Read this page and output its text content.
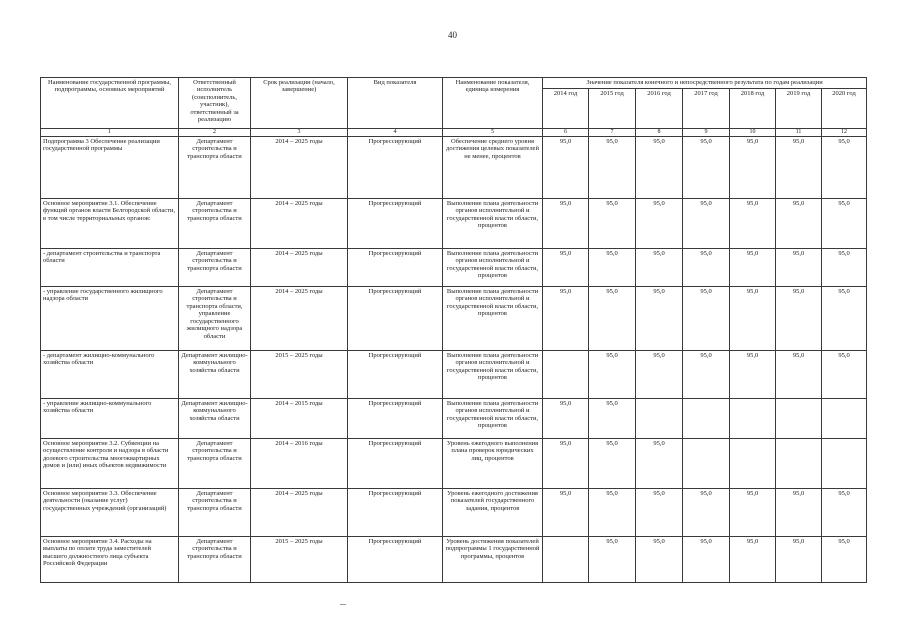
40
Наименование государственной программы, подпрограммы, основных мероприятий	Ответственный исполнитель (соисполнитель, участник), ответственный за реализацию	Срок реализации (начало, завершение)	Вид показателя	Наименование показателя, единица измерения	Значение показателя конечного и непосредственного результата по годам реализации						
					2014 год	2015 год	2016 год	2017 год	2018 год	2019 год	2020 год
1	2	3	4	5	6	7	8	9	10	11	12
Подпрограмма 3 Обеспечение реализации государственной программы	Департамент строительства и транспорта области	2014 – 2025 годы	Прогрессирующий	Обеспечение среднего уровня достижения целевых показателей не менее, процентов	95,0	95,0	95,0	95,0	95,0	95,0	95,0
Основное мероприятие 3.1. Обеспечение функций органов власти Белгородской области, в том числе территориальных органов:	Департамент строительства и транспорта области	2014 – 2025 годы	Прогрессирующий	Выполнение плана деятельности органов исполнительной и государственной власти области, процентов	95,0	95,0	95,0	95,0	95,0	95,0	95,0
- департамент строительства и транспорта области	Департамент строительства и транспорта области	2014 – 2025 годы	Прогрессирующий	Выполнение плана деятельности органов исполнительной и государственной власти области, процентов	95,0	95,0	95,0	95,0	95,0	95,0	95,0
- управление государственного жилищного надзора области	Департамент строительства и транспорта области, управление государственного жилищного надзора области	2014 – 2025 годы	Прогрессирующий	Выполнение плана деятельности органов исполнительной и государственной власти области, процентов	95,0	95,0	95,0	95,0	95,0	95,0	95,0
- департамент жилищно-коммунального хозяйства области	Департамент жилищно-коммунального хозяйства области	2015 – 2025 годы	Прогрессирующий	Выполнение плана деятельности органов исполнительной и государственной власти области, процентов		95,0	95,0	95,0	95,0	95,0	95,0
- управление жилищно-коммунального хозяйства области	Департамент жилищно-коммунального хозяйства области	2014 – 2015 годы	Прогрессирующий	Выполнение плана деятельности органов исполнительной и государственной власти области, процентов	95,0	95,0					
Основное мероприятие 3.2. Субвенции на осуществление контроля и надзора в области долевого строительства многоквартирных домов и (или) иных объектов недвижимости	Департамент строительства и транспорта области	2014 – 2016 годы	Прогрессирующий	Уровень ежегодного выполнения плана проверок юридических лиц, процентов	95,0	95,0	95,0				
Основное мероприятие 3.3. Обеспечение деятельности (оказание услуг) государственных учреждений (организаций)	Департамент строительства и транспорта области	2014 – 2025 годы	Прогрессирующий	Уровень ежегодного достижения показателей государственного задания, процентов	95,0	95,0	95,0	95,0	95,0	95,0	95,0
Основное мероприятие 3.4. Расходы на выплаты по оплате труда заместителей высшего должностного лица субъекта Российской Федерации	Департамент строительства и транспорта области	2015 – 2025 годы	Прогрессирующий	Уровень достижения показателей подпрограммы 1 государственной программы, процентов		95,0	95,0	95,0	95,0	95,0	95,0
